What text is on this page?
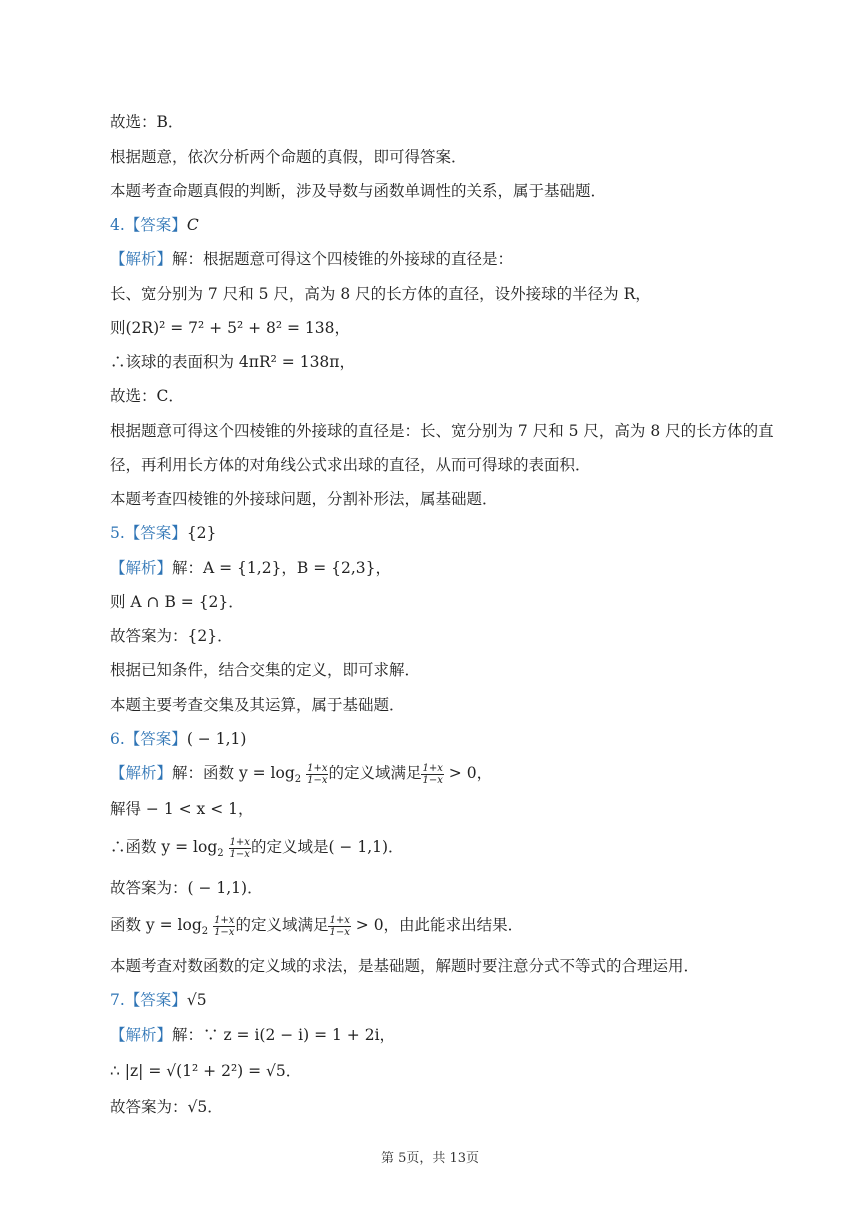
故选：B．
根据题意，依次分析两个命题的真假，即可得答案．
本题考查命题真假的判断，涉及导数与函数单调性的关系，属于基础题．
4.【答案】C
【解析】解：根据题意可得这个四棱锥的外接球的直径是：
长、宽分别为 7 尺和 5 尺，高为 8 尺的长方体的直径，设外接球的半径为 R，
则(2R)² = 7² + 5² + 8² = 138，
∴该球的表面积为 4πR² = 138π，
故选：C．
根据题意可得这个四棱锥的外接球的直径是：长、宽分别为 7 尺和 5 尺，高为 8 尺的长方体的直
径，再利用长方体的对角线公式求出球的直径，从而可得球的表面积．
本题考查四棱锥的外接球问题，分割补形法，属基础题．
5.【答案】{2}
【解析】解：A = {1,2}，B = {2,3}，
则 A ∩ B = {2}．
故答案为：{2}．
根据已知条件，结合交集的定义，即可求解．
本题主要考查交集及其运算，属于基础题．
6.【答案】( − 1,1)
【解析】解：函数 $y = \log_2 \frac{1+x}{1-x}$ 的定义域满足 $\frac{1+x}{1-x} > 0$，
解得 − 1 < x < 1，
∴函数 $y = \log_2 \frac{1+x}{1-x}$ 的定义域是( − 1,1)．
故答案为：( − 1,1)．
函数 $y = \log_2 \frac{1+x}{1-x}$ 的定义域满足 $\frac{1+x}{1-x} > 0$，由此能求出结果．
本题考查对数函数的定义域的求法，是基础题，解题时要注意分式不等式的合理运用．
7.【答案】√5
【解析】解：∵ z = i(2 − i) = 1 + 2i，
∴ |z| = √(1² + 2²) = √5．
故答案为：√5．
第 5页，共 13页
